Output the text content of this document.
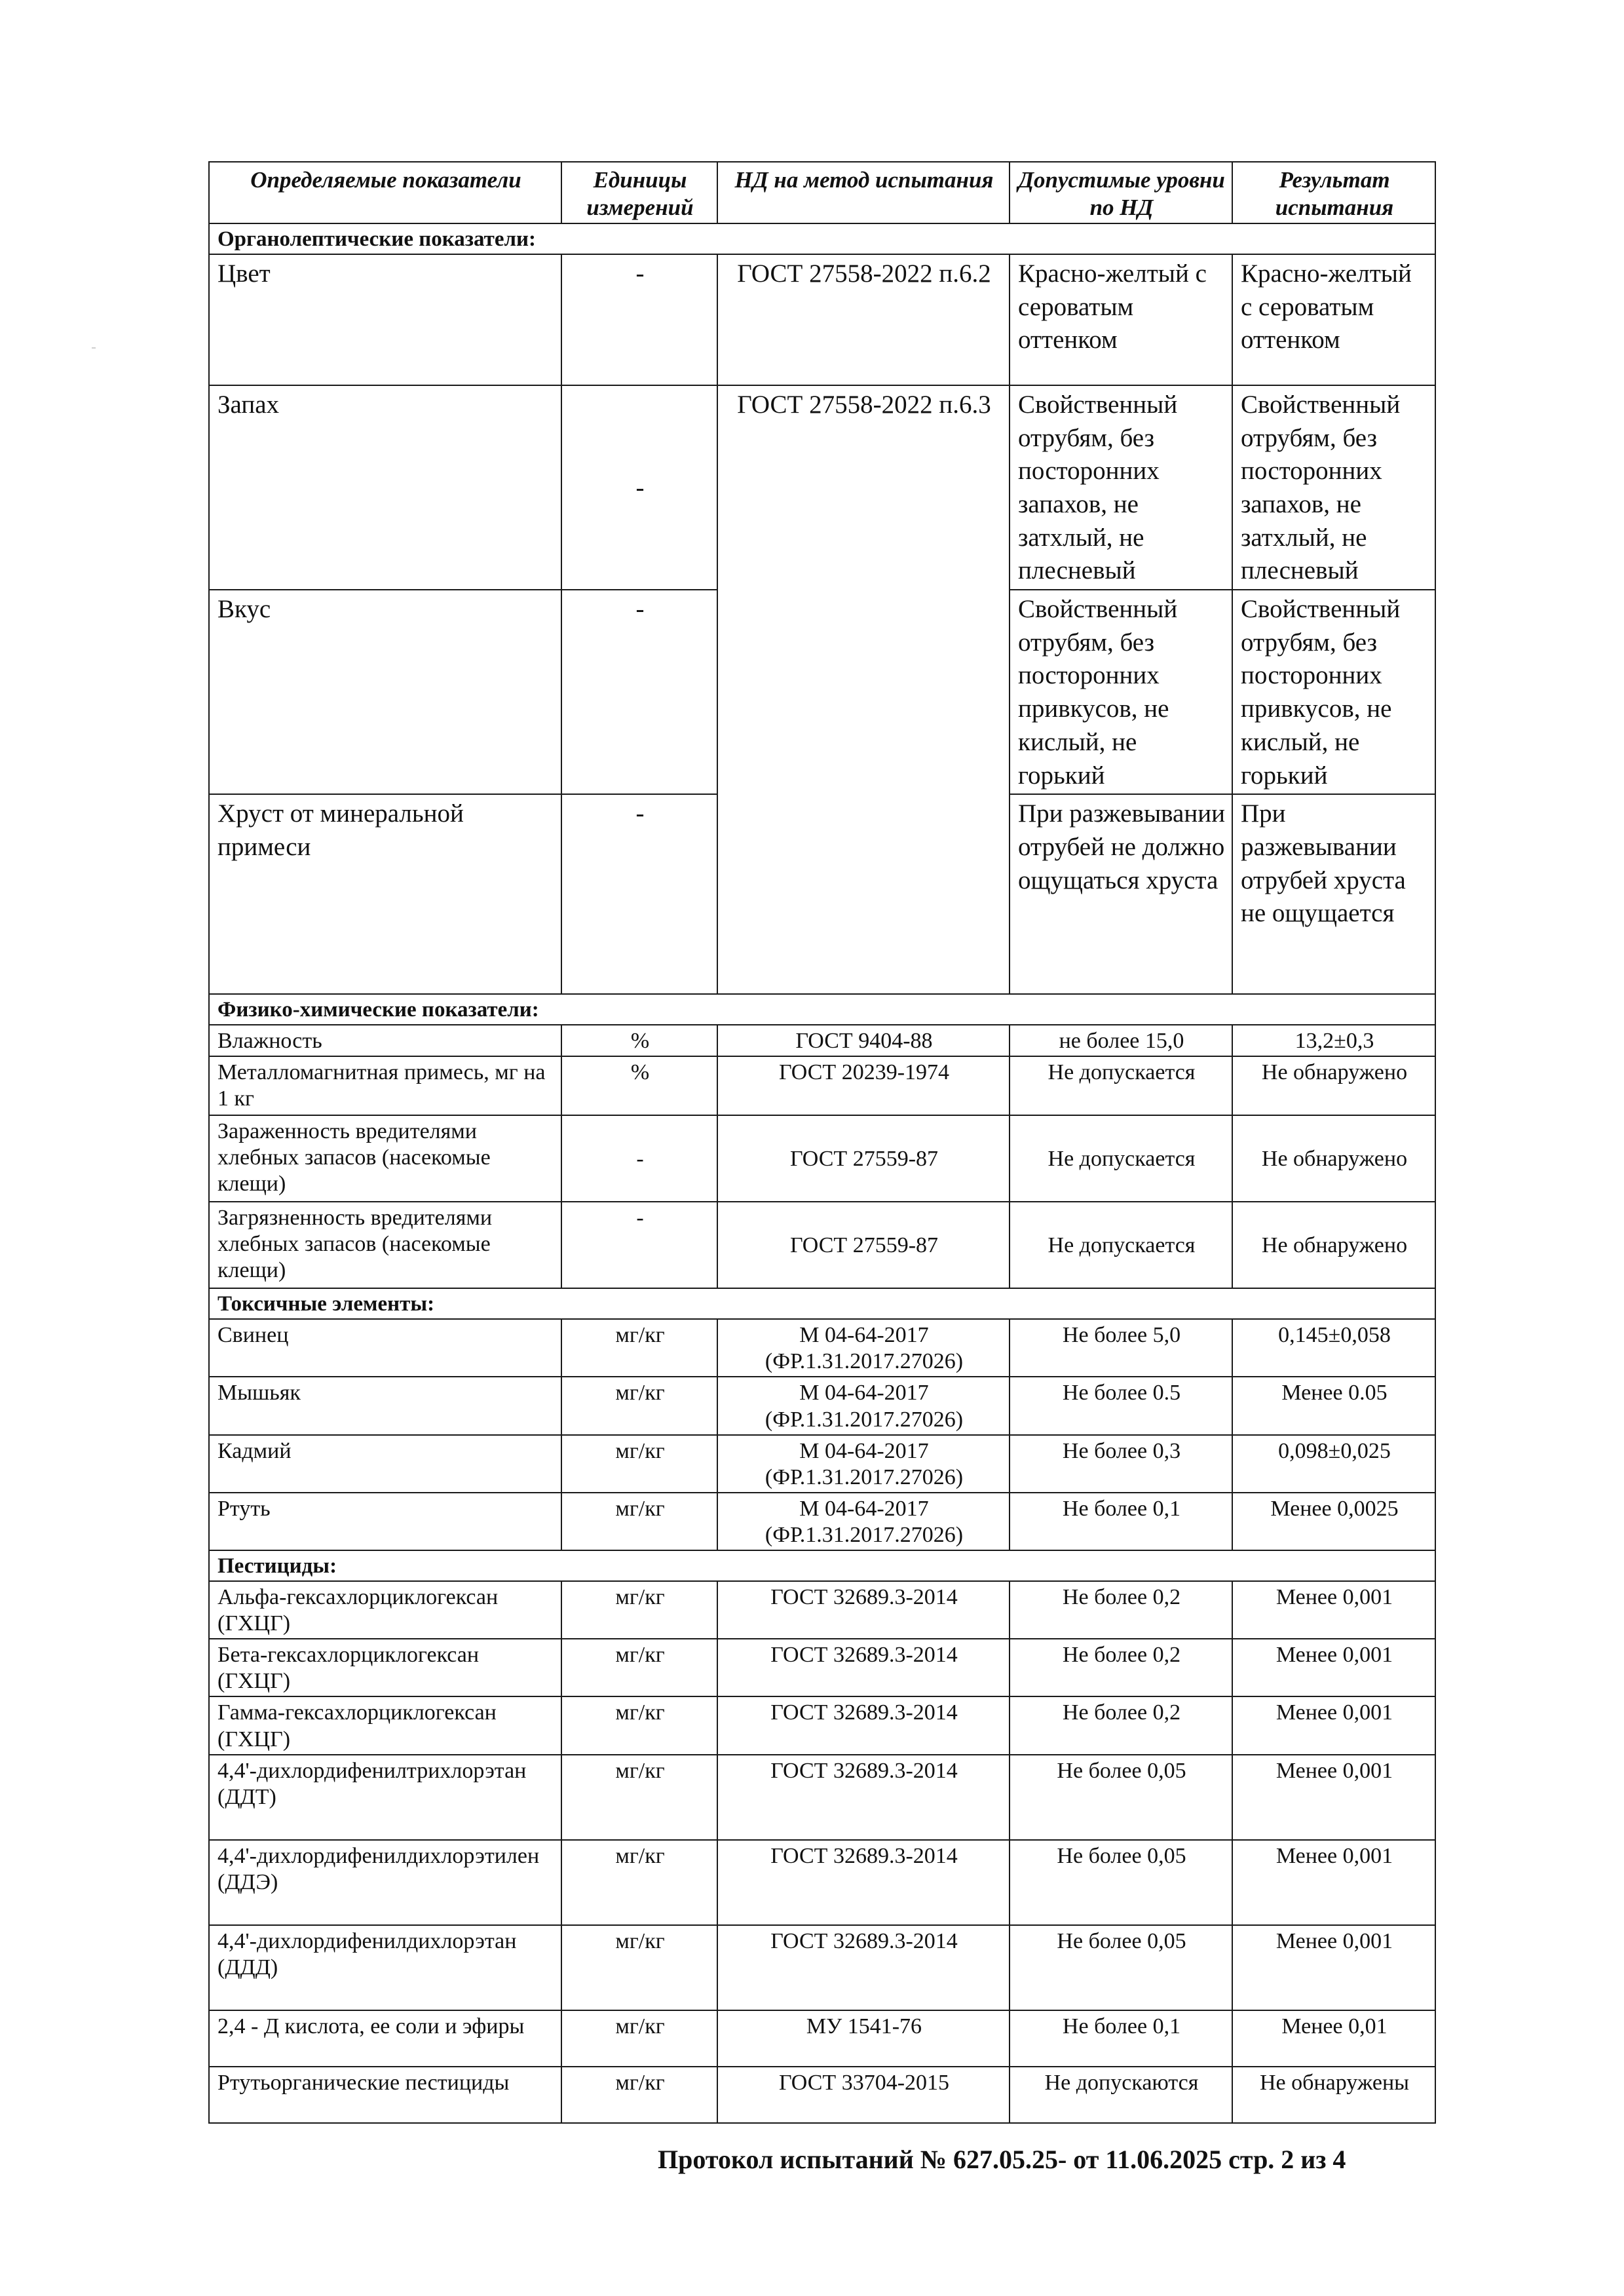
Определяемые показатели	Единицы измерений	НД на метод испытания	Допустимые уровни по НД	Результат испытания
Органолептические показатели:				
Цвет	-	ГОСТ 27558-2022 п.6.2	Красно-желтый с сероватым оттенком	Красно-желтый с сероватым оттенком
Запах	-	ГОСТ 27558-2022 п.6.3	Свойственный отрубям, без посторонних запахов, не затхлый, не плесневый	Свойственный отрубям, без посторонних запахов, не затхлый, не плесневый
Вкус	-		Свойственный отрубям, без посторонних привкусов, не кислый, не горький	Свойственный отрубям, без посторонних привкусов, не кислый, не горький
Хруст от минеральной примеси	-		При разжевывании отрубей не должно ощущаться хруста	При разжевывании отрубей хруста не ощущается
Физико-химические показатели:				
Влажность	%	ГОСТ 9404-88	не более 15,0	13,2±0,3
Металломагнитная примесь, мг на 1 кг	%	ГОСТ 20239-1974	Не допускается	Не обнаружено
Зараженность вредителями хлебных запасов (насекомые клещи)	-	ГОСТ 27559-87	Не допускается	Не обнаружено
Загрязненность вредителями хлебных запасов (насекомые клещи)	-	ГОСТ 27559-87	Не допускается	Не обнаружено
Токсичные элементы:				
Свинец	мг/кг	М 04-64-2017 (ФР.1.31.2017.27026)	Не более 5,0	0,145±0,058
Мышьяк	мг/кг	М 04-64-2017 (ФР.1.31.2017.27026)	Не более 0.5	Менее 0.05
Кадмий	мг/кг	М 04-64-2017 (ФР.1.31.2017.27026)	Не более 0,3	0,098±0,025
Ртуть	мг/кг	М 04-64-2017 (ФР.1.31.2017.27026)	Не более 0,1	Менее 0,0025
Пестициды:				
Альфа-гексахлорциклогексан (ГХЦГ)	мг/кг	ГОСТ 32689.3-2014	Не более 0,2	Менее 0,001
Бета-гексахлорциклогексан (ГХЦГ)	мг/кг	ГОСТ 32689.3-2014	Не более 0,2	Менее 0,001
Гамма-гексахлорциклогексан (ГХЦГ)	мг/кг	ГОСТ 32689.3-2014	Не более 0,2	Менее 0,001
4,4'-дихлордифенилтрихлорэтан (ДДТ)	мг/кг	ГОСТ 32689.3-2014	Не более 0,05	Менее 0,001
4,4'-дихлордифенилдихлорэтилен (ДДЭ)	мг/кг	ГОСТ 32689.3-2014	Не более 0,05	Менее 0,001
4,4'-дихлордифенилдихлорэтан (ДДД)	мг/кг	ГОСТ 32689.3-2014	Не более 0,05	Менее 0,001
2,4 - Д кислота, ее соли и эфиры	мг/кг	МУ 1541-76	Не более 0,1	Менее 0,01
Ртутьорганические пестициды	мг/кг	ГОСТ 33704-2015	Не допускаются	Не обнаружены
Протокол испытаний № 627.05.25- от 11.06.2025 стр. 2 из 4
